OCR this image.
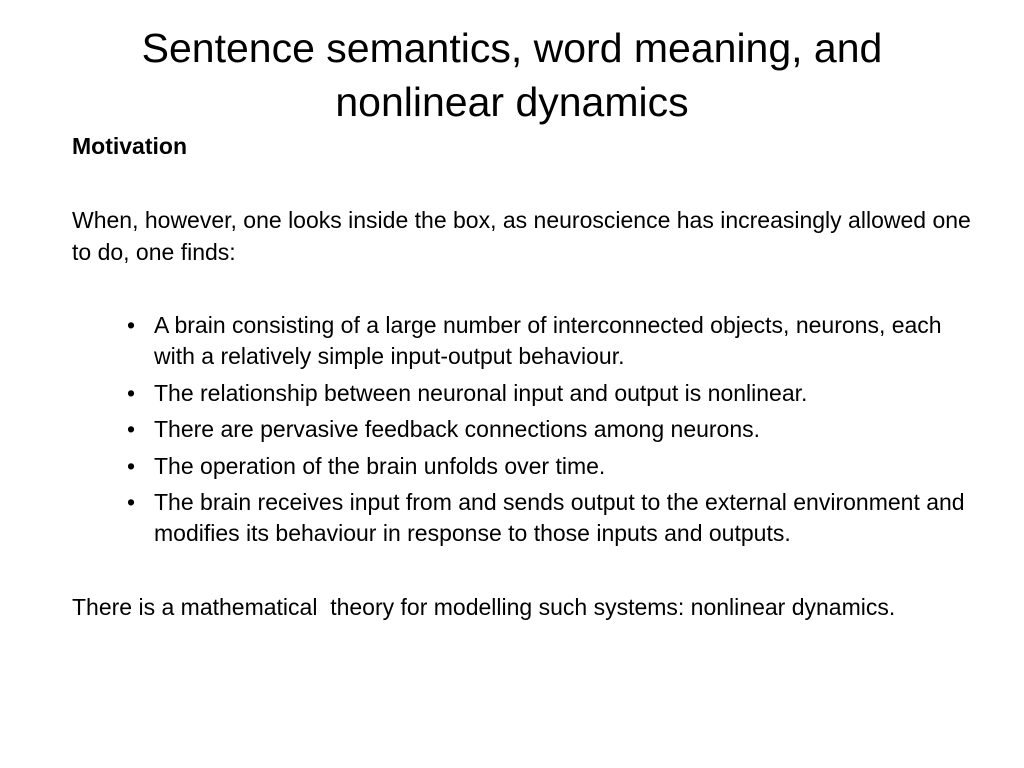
Sentence semantics, word meaning, and nonlinear dynamics

Motivation

When, however, one looks inside the box, as neuroscience has increasingly allowed one to do, one finds:

• A brain consisting of a large number of interconnected objects, neurons, each with a relatively simple input-output behaviour.
• The relationship between neuronal input and output is nonlinear.
• There are pervasive feedback connections among neurons.
• The operation of the brain unfolds over time.
• The brain receives input from and sends output to the external environment and modifies its behaviour in response to those inputs and outputs.

There is a mathematical  theory for modelling such systems: nonlinear dynamics.
